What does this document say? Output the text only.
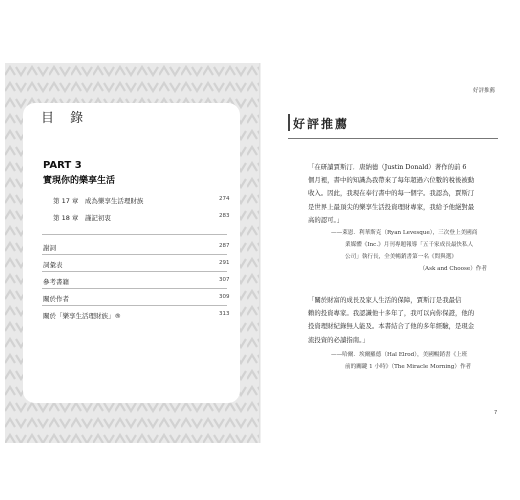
目 錄
PART 3
實現你的樂享生活
第 17 章　成為樂享生活理財族	274
第 18 章　謹記初衷	283
謝詞	287
詞彙表	291
參考書籍	307
關於作者	309
關於「樂享生活理財族」®	313
好評推薦
好評推薦
「在研讀賈斯汀．唐納德（Justin Donald）著作的前 6
個月裡，書中的知識為我帶來了每年超過六位數的稅後被動
收入。因此，我現在奉行書中的每一個字。我認為，賈斯汀
是世界上最頂尖的樂享生活投資理財專家，我給予他絕對最
高的認可。」
——萊恩．利華斯克（Ryan Levesque），三次登上美國商
業媒體《Inc.》月刊專題報導「五千家成長最快私人
公司」執行長，全美暢銷書第一名《問與選》
（Ask and Choose）作者
「關於財富的成長及家人生活的保障，賈斯汀是我最信
賴的投資專家。我認識他十多年了，我可以向你保證，他的
投資理財紀錄無人能及。本書結合了他的多年經驗，是現金
流投資的必讀指南。」
——哈爾．埃爾羅德（Hal Elrod），美國暢銷書《上班
前的關鍵 1 小時》（The Miracle Morning）作者
7
